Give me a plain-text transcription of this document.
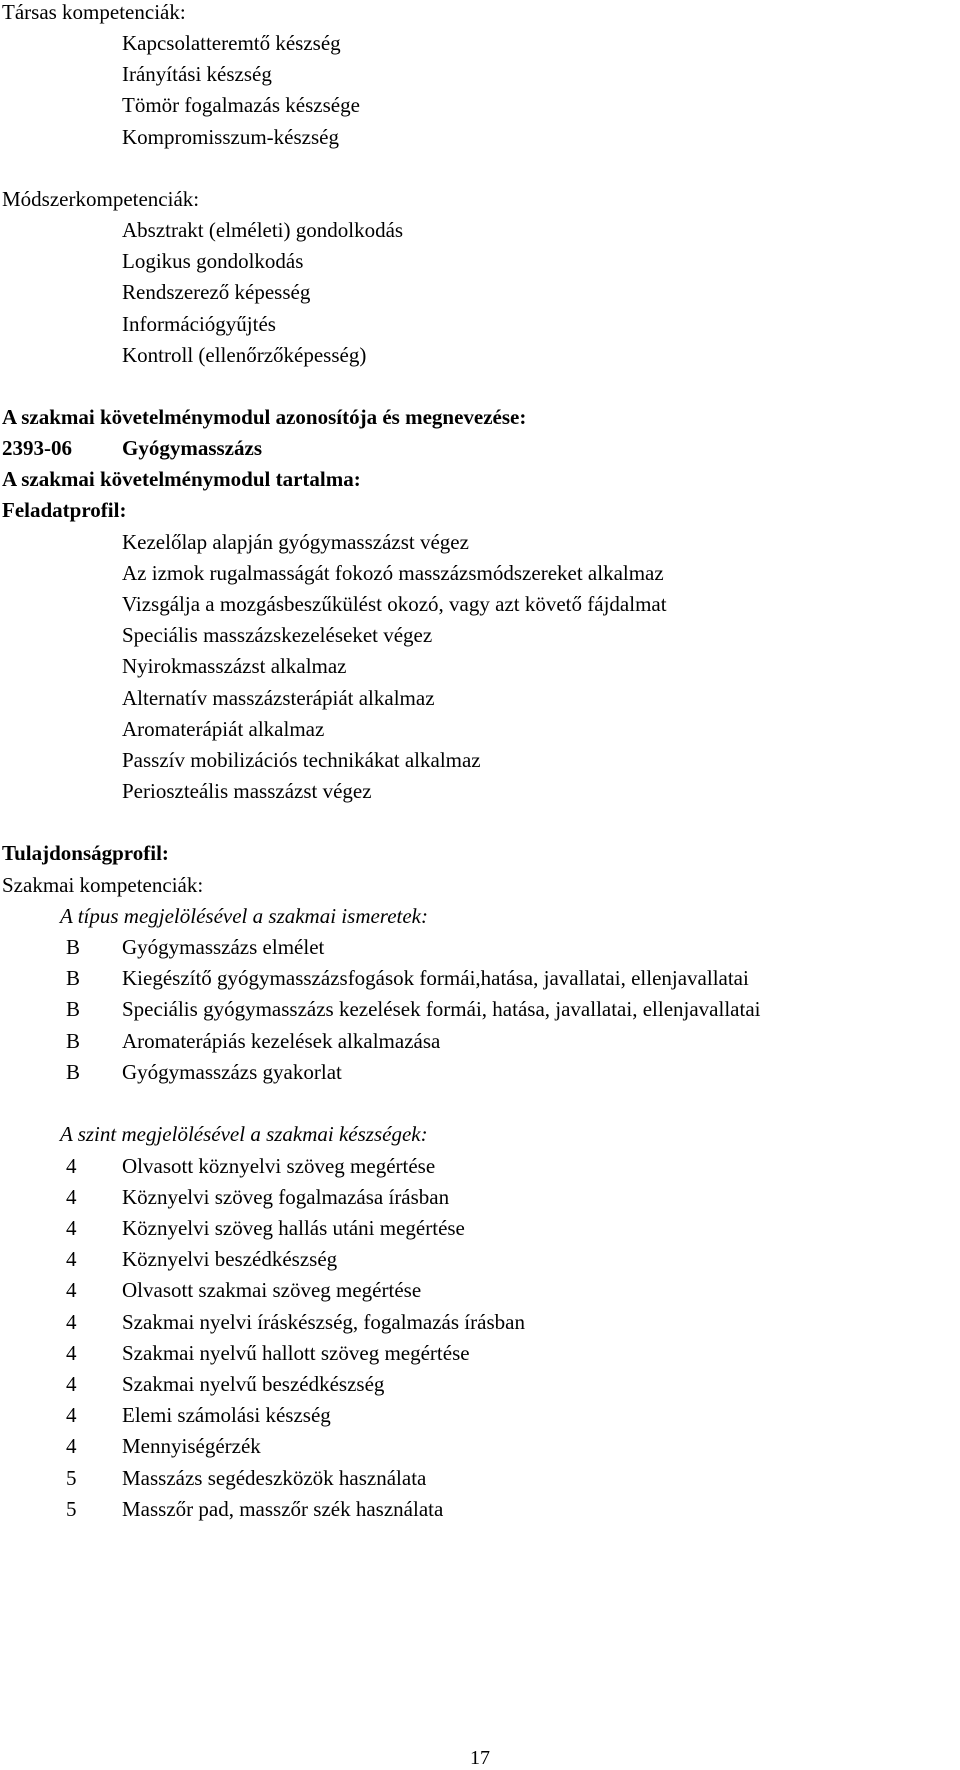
Társas kompetenciák:
Kapcsolatteremtő készség
Irányítási készség
Tömör fogalmazás készsége
Kompromisszum-készség
Módszerkompetenciák:
Absztrakt (elméleti) gondolkodás
Logikus gondolkodás
Rendszerező képesség
Információgyűjtés
Kontroll (ellenőrzőképesség)
A szakmai követelménymodul azonosítója és megnevezése:
2393-06 Gyógymasszázs
A szakmai követelménymodul tartalma:
Feladatprofil:
Kezelőlap alapján gyógymasszázst végez
Az izmok rugalmasságát fokozó masszázsmódszereket alkalmaz
Vizsgálja a mozgásbeszűkülést okozó, vagy azt követő fájdalmat
Speciális masszázskezeléseket végez
Nyirokmasszázst alkalmaz
Alternatív masszázsterápiát alkalmaz
Aromaterápiát alkalmaz
Passzív mobilizációs technikákat alkalmaz
Perioszteális masszázst végez
Tulajdonságprofil:
Szakmai kompetenciák:
A típus megjelölésével a szakmai ismeretek:
B Gyógymasszázs elmélet
B Kiegészítő gyógymasszázsfogások formái,hatása, javallatai, ellenjavallatai
B Speciális gyógymasszázs kezelések formái, hatása, javallatai, ellenjavallatai
B Aromaterápiás kezelések alkalmazása
B Gyógymasszázs gyakorlat
A szint megjelölésével a szakmai készségek:
4 Olvasott köznyelvi szöveg megértése
4 Köznyelvi szöveg fogalmazása írásban
4 Köznyelvi szöveg hallás utáni megértése
4 Köznyelvi beszédkészség
4 Olvasott szakmai szöveg megértése
4 Szakmai nyelvi íráskészség, fogalmazás írásban
4 Szakmai nyelvű hallott szöveg megértése
4 Szakmai nyelvű beszédkészség
4 Elemi számolási készség
4 Mennyiségérzék
5 Masszázs segédeszközök használata
5 Masszőr pad, masszőr szék használata
17
